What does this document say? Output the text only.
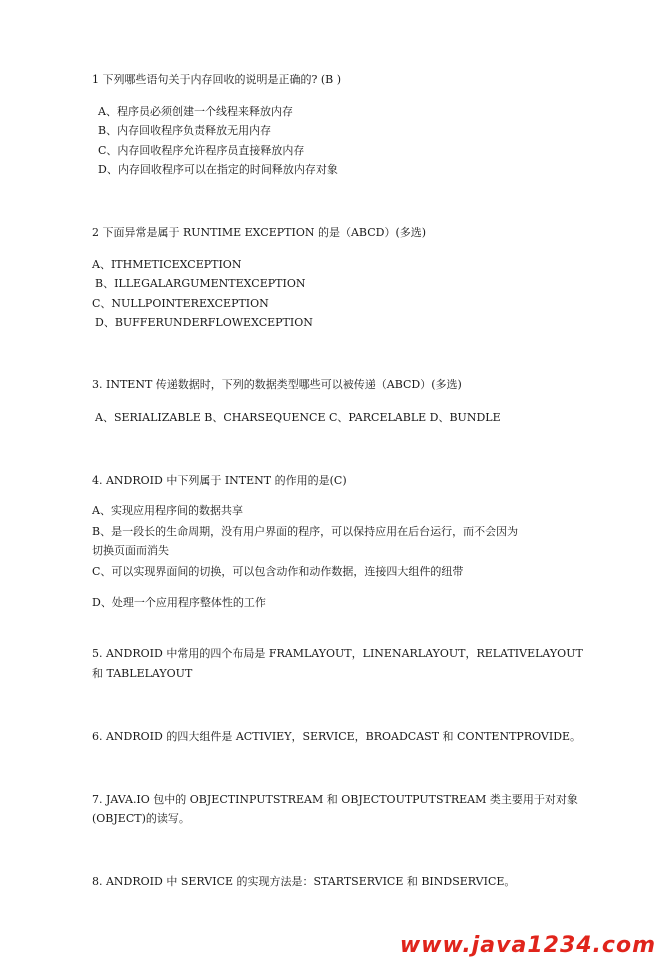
1 下列哪些语句关于内存回收的说明是正确的? (B )
A、程序员必须创建一个线程来释放内存
B、内存回收程序负责释放无用内存
C、内存回收程序允许程序员直接释放内存
D、内存回收程序可以在指定的时间释放内存对象
2 下面异常是属于 RUNTIME EXCEPTION 的是（ABCD）(多选)
A、ITHMETICEXCEPTION
B、ILLEGALARGUMENTEXCEPTION
C、NULLPOINTEREXCEPTION
D、BUFFERUNDERFLOWEXCEPTION
3. INTENT 传递数据时，下列的数据类型哪些可以被传递（ABCD）(多选)
A、SERIALIZABLE B、CHARSEQUENCE C、PARCELABLE D、BUNDLE
4. ANDROID 中下列属于 INTENT 的作用的是(C)
A、实现应用程序间的数据共享
B、是一段长的生命周期，没有用户界面的程序，可以保持应用在后台运行，而不会因为
切换页面而消失
C、可以实现界面间的切换，可以包含动作和动作数据，连接四大组件的纽带
D、处理一个应用程序整体性的工作
5. ANDROID 中常用的四个布局是 FRAMLAYOUT，LINENARLAYOUT，RELATIVELAYOUT
和 TABLELAYOUT
6. ANDROID 的四大组件是 ACTIVIEY，SERVICE，BROADCAST 和 CONTENTPROVIDE。
7. JAVA.IO 包中的 OBJECTINPUTSTREAM 和 OBJECTOUTPUTSTREAM 类主要用于对对象
(OBJECT)的读写。
8. ANDROID 中 SERVICE 的实现方法是：STARTSERVICE 和 BINDSERVICE。
www.java1234.com
